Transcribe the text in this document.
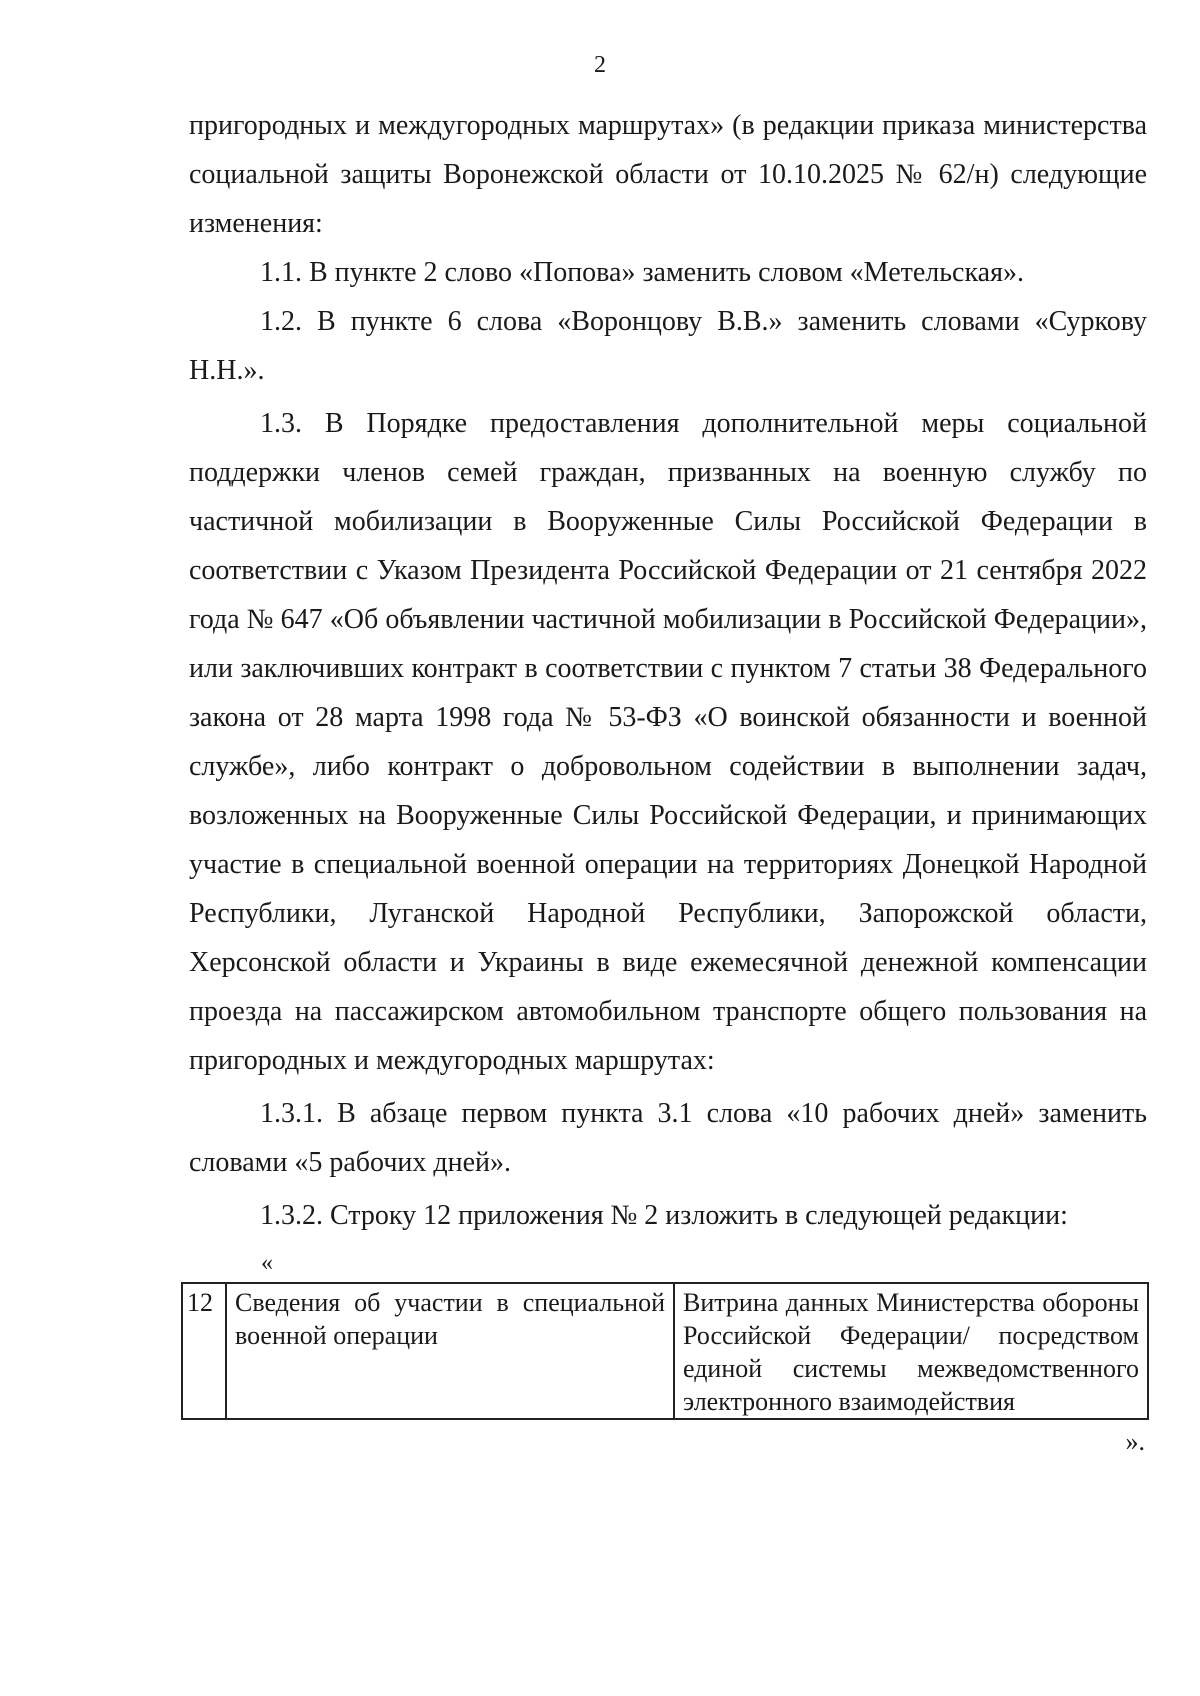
2

пригородных и междугородных маршрутах» (в редакции приказа министерства социальной защиты Воронежской области от 10.10.2025 № 62/н) следующие изменения:

1.1. В пункте 2 слово «Попова» заменить словом «Метельская».

1.2. В пункте 6 слова «Воронцову В.В.» заменить словами «Суркову Н.Н.».

1.3. В Порядке предоставления дополнительной меры социальной поддержки членов семей граждан, призванных на военную службу по частичной мобилизации в Вооруженные Силы Российской Федерации в соответствии с Указом Президента Российской Федерации от 21 сентября 2022 года № 647 «Об объявлении частичной мобилизации в Российской Федерации», или заключивших контракт в соответствии с пунктом 7 статьи 38 Федерального закона от 28 марта 1998 года № 53-ФЗ «О воинской обязанности и военной службе», либо контракт о добровольном содействии в выполнении задач, возложенных на Вооруженные Силы Российской Федерации, и принимающих участие в специальной военной операции на территориях Донецкой Народной Республики, Луганской Народной Республики, Запорожской области, Херсонской области и Украины в виде ежемесячной денежной компенсации проезда на пассажирском автомобильном транспорте общего пользования на пригородных и междугородных маршрутах:

1.3.1. В абзаце первом пункта 3.1 слова «10 рабочих дней» заменить словами «5 рабочих дней».

1.3.2. Строку 12 приложения № 2 изложить в следующей редакции:

«
12	Сведения об участии в специальной военной операции	Витрина данных Министерства обороны Российской Федерации/ посредством единой системы межведомственного электронного взаимодействия
».
